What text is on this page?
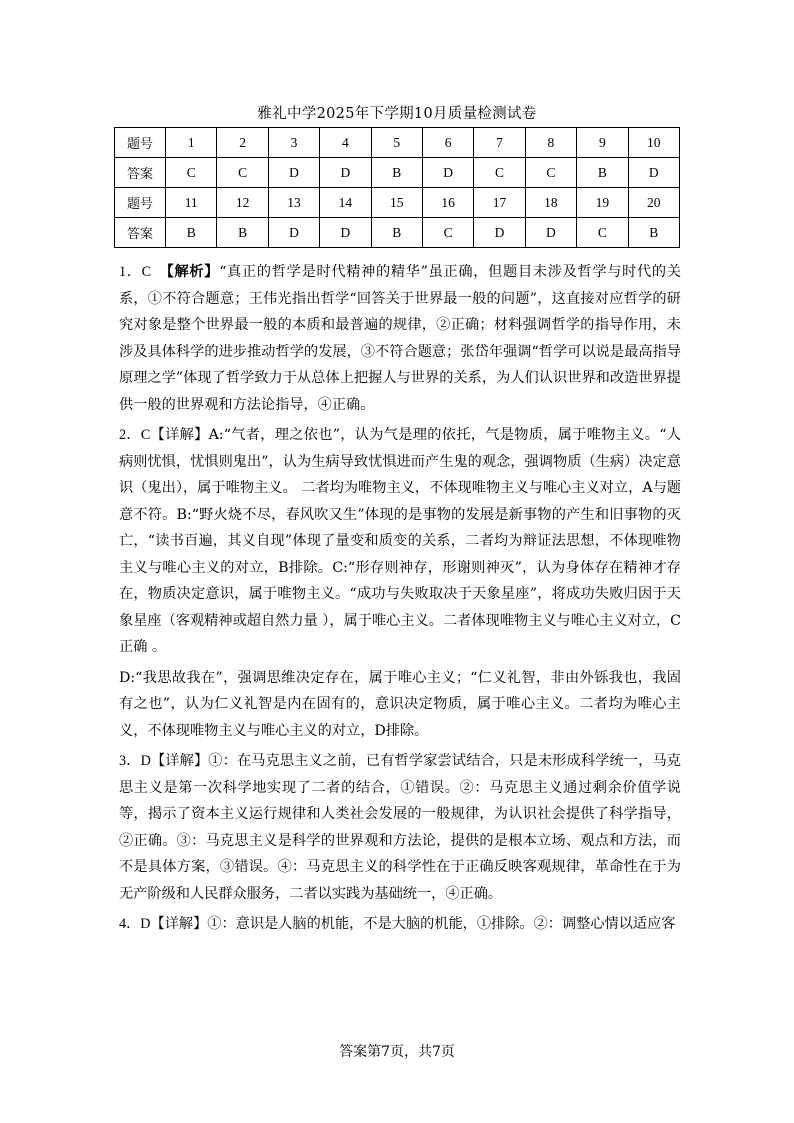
雅礼中学2025年下学期10月质量检测试卷
题号	1	2	3	4	5	6	7	8	9	10
答案	C	C	D	D	B	D	C	C	B	D
题号	11	12	13	14	15	16	17	18	19	20
答案	B	B	D	D	B	C	D	D	C	B

1．C　【解析】“真正的哲学是时代精神的精华”虽正确，但题目未涉及哲学与时代的关系，①不符合题意；王伟光指出哲学“回答关于世界最一般的问题”，这直接对应哲学的研究对象是整个世界最一般的本质和最普遍的规律，②正确；材料强调哲学的指导作用，未涉及具体科学的进步推动哲学的发展，③不符合题意；张岱年强调“哲学可以说是最高指导原理之学”体现了哲学致力于从总体上把握人与世界的关系，为人们认识世界和改造世界提供一般的世界观和方法论指导，④正确。

2．C【详解】A:“气者，理之依也”，认为气是理的依托，气是物质，属于唯物主义。“人病则忧惧，忧惧则鬼出”，认为生病导致忧惧进而产生鬼的观念，强调物质（生病）决定意识（鬼出），属于唯物主义。 二者均为唯物主义，不体现唯物主义与唯心主义对立，A与题意不符。B:“野火烧不尽，春风吹又生”体现的是事物的发展是新事物的产生和旧事物的灭亡，“读书百遍，其义自现”体现了量变和质变的关系，二者均为辩证法思想，不体现唯物主义与唯心主义的对立，B排除。C:“形存则神存，形谢则神灭”，认为身体存在精神才存在，物质决定意识，属于唯物主义。“成功与失败取决于天象星座”，将成功失败归因于天象星座（客观精神或超自然力量 ），属于唯心主义。二者体现唯物主义与唯心主义对立，C正确 。

D:“我思故我在”，强调思维决定存在，属于唯心主义；“仁义礼智，非由外铄我也，我固有之也”，认为仁义礼智是内在固有的，意识决定物质，属于唯心主义。二者均为唯心主义，不体现唯物主义与唯心主义的对立，D排除。

3．D【详解】①：在马克思主义之前，已有哲学家尝试结合，只是未形成科学统一，马克思主义是第一次科学地实现了二者的结合，①错误。②：马克思主义通过剩余价值学说等，揭示了资本主义运行规律和人类社会发展的一般规律，为认识社会提供了科学指导，②正确。③：马克思主义是科学的世界观和方法论，提供的是根本立场、观点和方法，而不是具体方案，③错误。④：马克思主义的科学性在于正确反映客观规律，革命性在于为无产阶级和人民群众服务，二者以实践为基础统一，④正确。

4．D【详解】①：意识是人脑的机能，不是大脑的机能，①排除。②：调整心情以适应客

答案第7页，共7页
